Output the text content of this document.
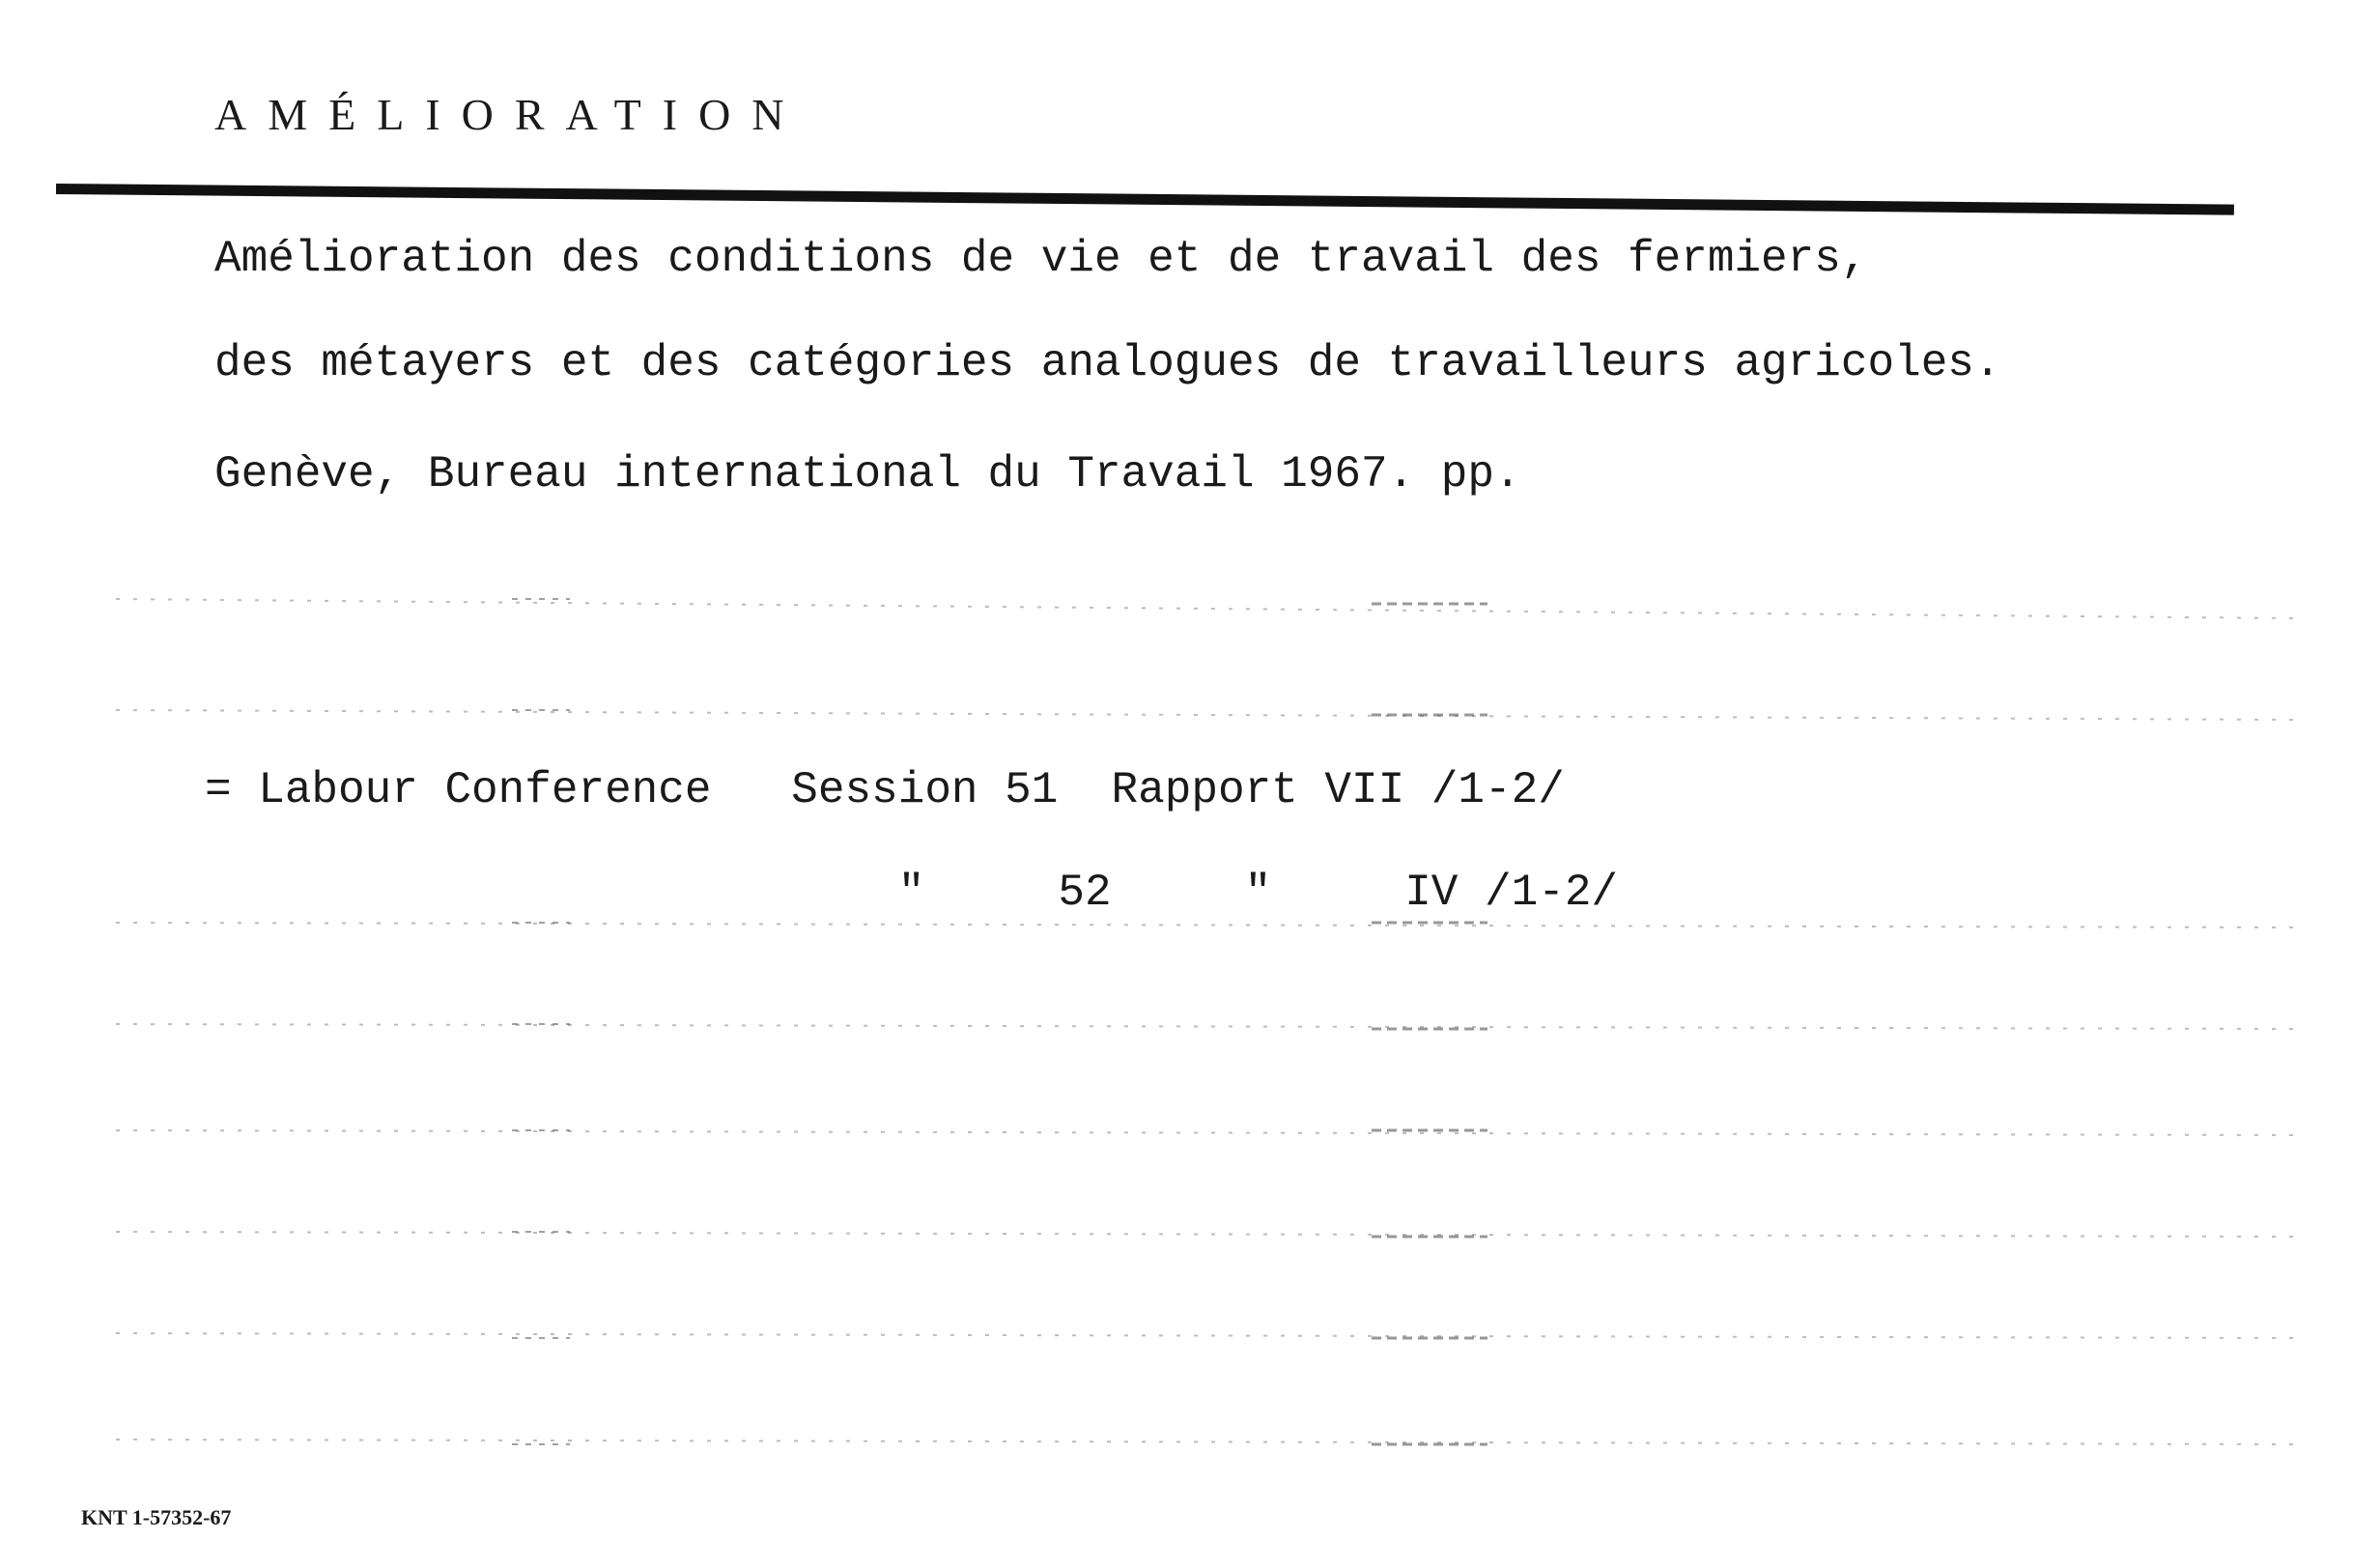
AMÉLIORATION
Amélioration des conditions de vie et de travail des fermiers,
des métayers et des catégories analogues de travailleurs agricoles.
Genève, Bureau international du Travail 1967. pp.
= Labour Conference   Session 51  Rapport VII /1-2/
"     52     "     IV /1-2/
KNT 1-57352-67
